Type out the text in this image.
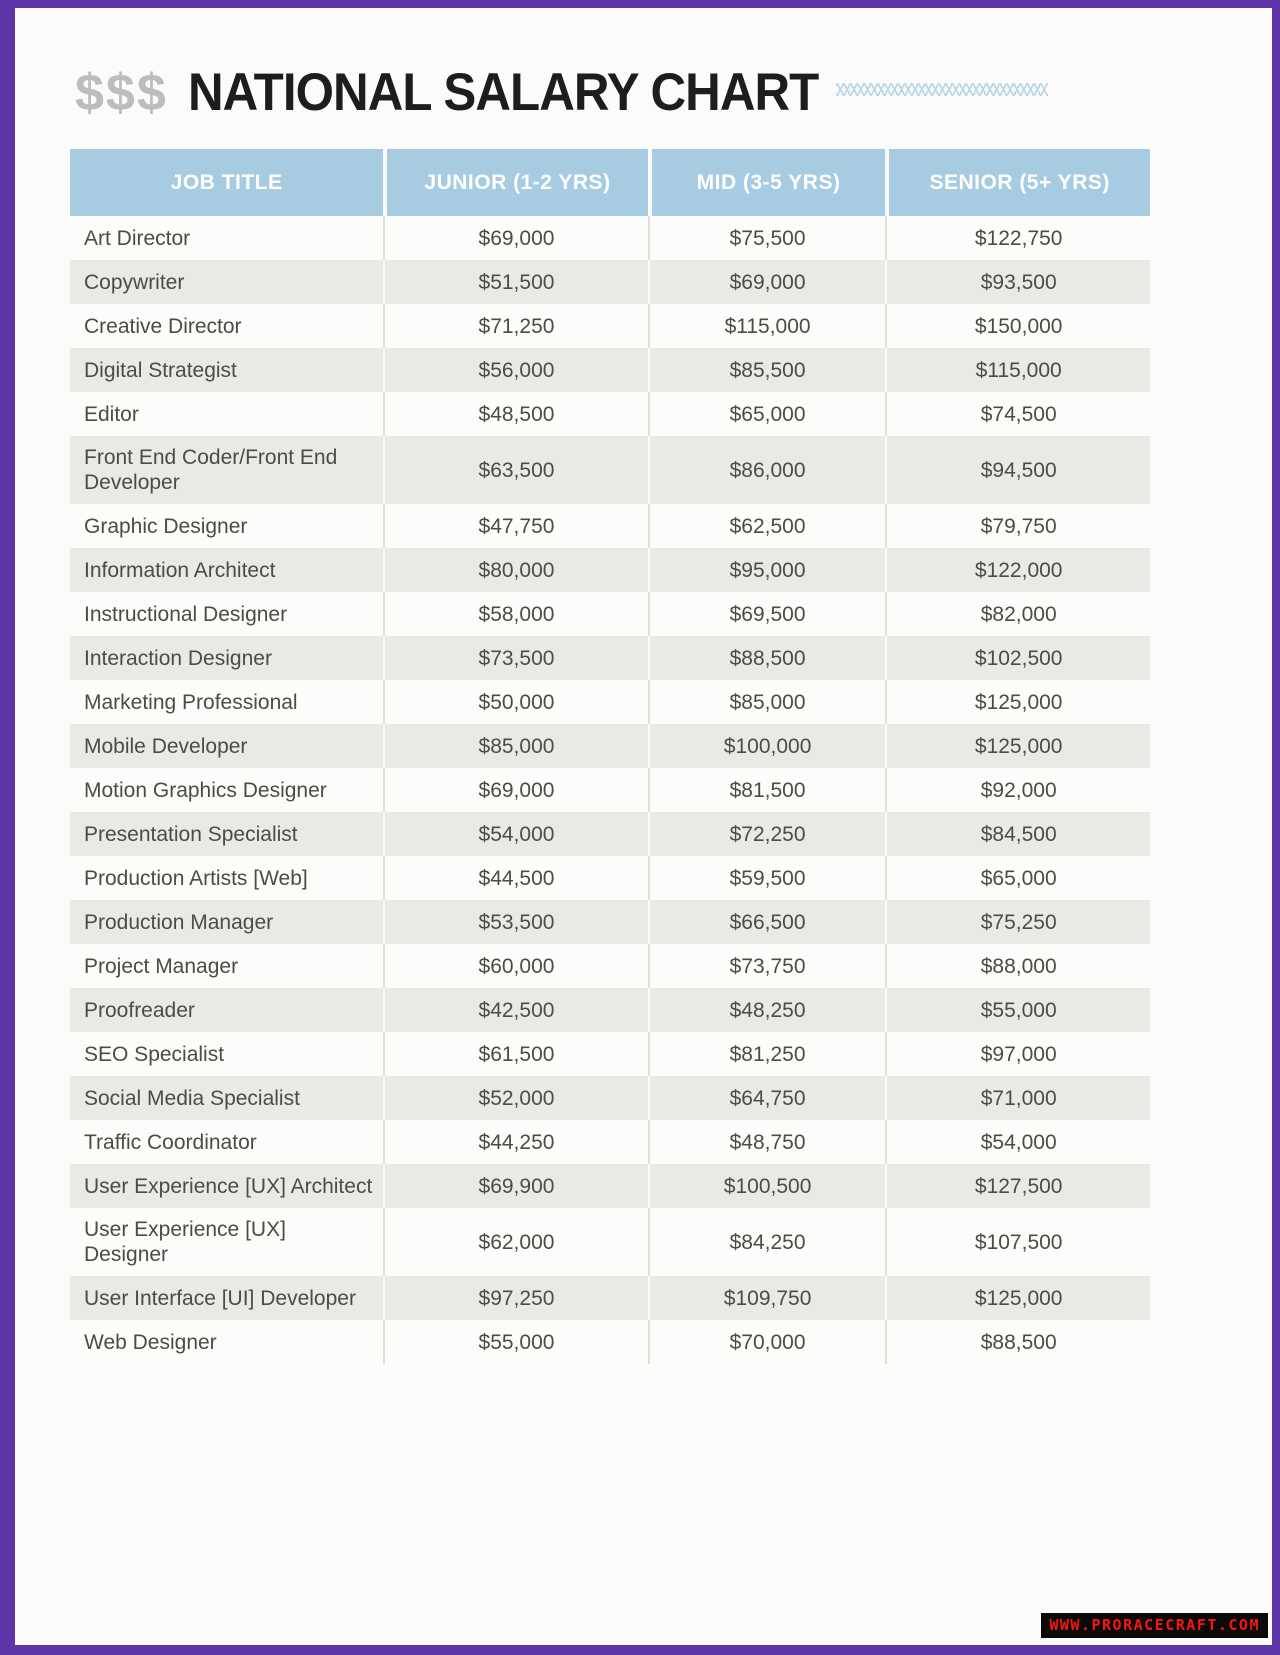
$$$ NATIONAL SALARY CHART
JOB TITLE	JUNIOR (1-2 YRS)	MID (3-5 YRS)	SENIOR (5+ YRS)
Art Director	$69,000	$75,500	$122,750
Copywriter	$51,500	$69,000	$93,500
Creative Director	$71,250	$115,000	$150,000
Digital Strategist	$56,000	$85,500	$115,000
Editor	$48,500	$65,000	$74,500
Front End Coder/Front End Developer	$63,500	$86,000	$94,500
Graphic Designer	$47,750	$62,500	$79,750
Information Architect	$80,000	$95,000	$122,000
Instructional Designer	$58,000	$69,500	$82,000
Interaction Designer	$73,500	$88,500	$102,500
Marketing Professional	$50,000	$85,000	$125,000
Mobile Developer	$85,000	$100,000	$125,000
Motion Graphics Designer	$69,000	$81,500	$92,000
Presentation Specialist	$54,000	$72,250	$84,500
Production Artists [Web]	$44,500	$59,500	$65,000
Production Manager	$53,500	$66,500	$75,250
Project Manager	$60,000	$73,750	$88,000
Proofreader	$42,500	$48,250	$55,000
SEO Specialist	$61,500	$81,250	$97,000
Social Media Specialist	$52,000	$64,750	$71,000
Traffic Coordinator	$44,250	$48,750	$54,000
User Experience [UX] Architect	$69,900	$100,500	$127,500
User Experience [UX] Designer	$62,000	$84,250	$107,500
User Interface [UI] Developer	$97,250	$109,750	$125,000
Web Designer	$55,000	$70,000	$88,500
WWW.PRORACECRAFT.COM
